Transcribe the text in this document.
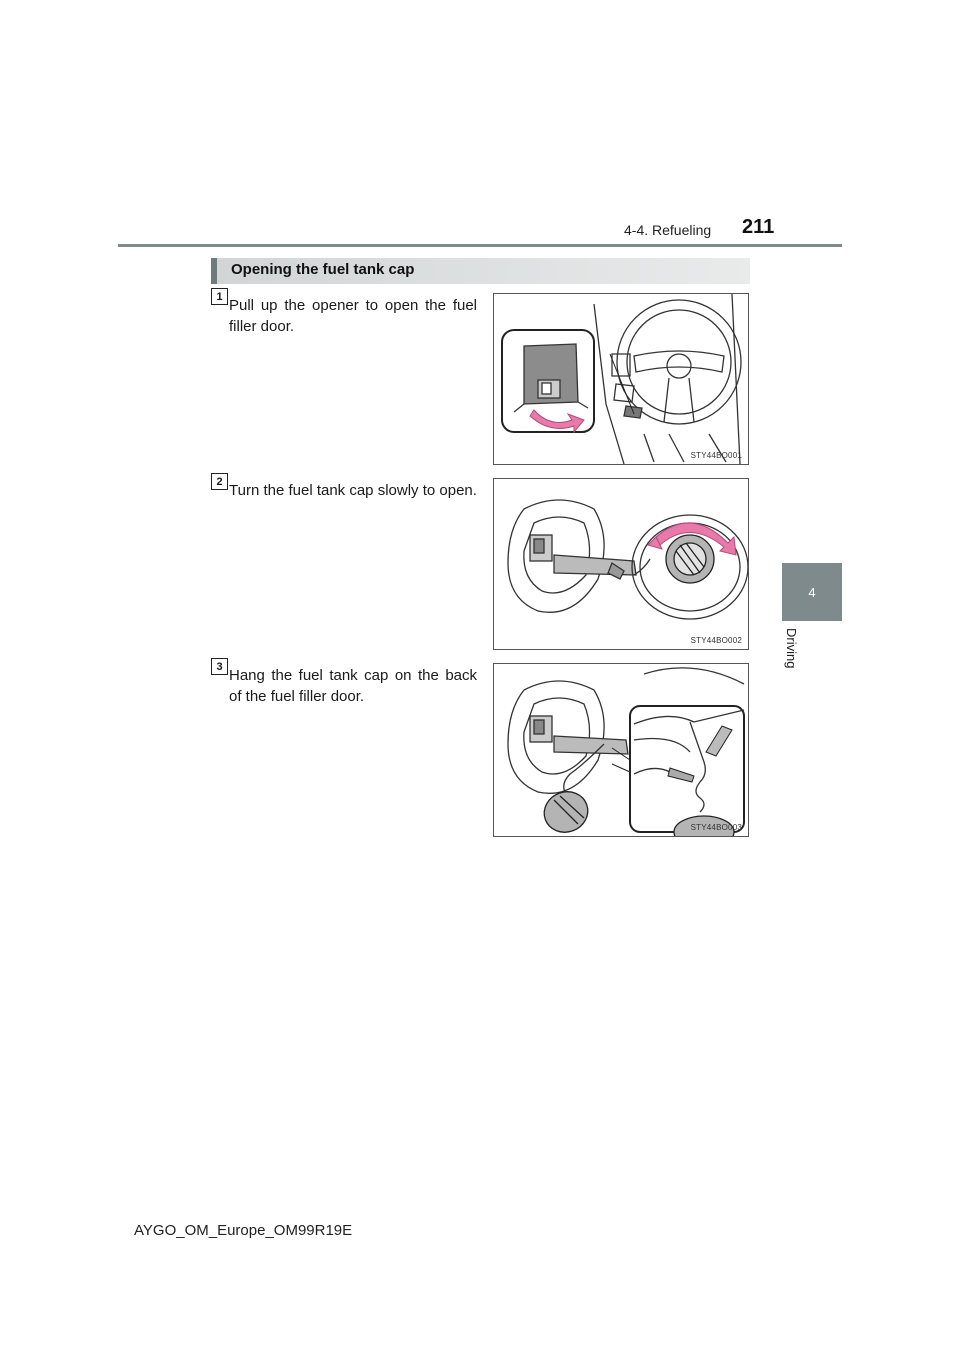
4-4. Refueling 211
4
Driving
Opening the fuel tank cap
1
Pull up the opener to open the fuel filler door.
STY44BO001
2
Turn the fuel tank cap slowly to open.
STY44BO002
3
Hang the fuel tank cap on the back of the fuel filler door.
STY44BO003
AYGO_OM_Europe_OM99R19E
